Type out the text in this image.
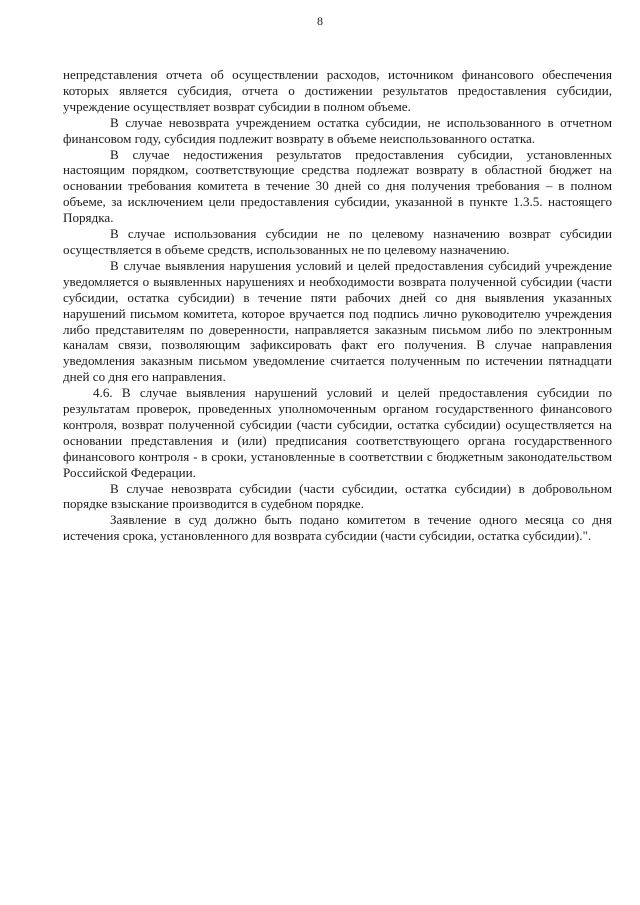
8

непредставления отчета об осуществлении расходов, источником финансового обеспечения которых является субсидия, отчета о достижении результатов предоставления субсидии, учреждение осуществляет возврат субсидии в полном объеме.

В случае невозврата учреждением остатка субсидии, не использованного в отчетном финансовом году, субсидия подлежит возврату в объеме неиспользованного остатка.

В случае недостижения результатов предоставления субсидии, установленных настоящим порядком, соответствующие средства подлежат возврату в областной бюджет на основании требования комитета в течение 30 дней со дня получения требования – в полном объеме, за исключением цели предоставления субсидии, указанной в пункте 1.3.5. настоящего Порядка.

В случае использования субсидии не по целевому назначению возврат субсидии осуществляется в объеме средств, использованных не по целевому назначению.

В случае выявления нарушения условий и целей предоставления субсидий учреждение уведомляется о выявленных нарушениях и необходимости возврата полученной субсидии (части субсидии, остатка субсидии) в течение пяти рабочих дней со дня выявления указанных нарушений письмом комитета, которое вручается под подпись лично руководителю учреждения либо представителям по доверенности, направляется заказным письмом либо по электронным каналам связи, позволяющим зафиксировать факт его получения. В случае направления уведомления заказным письмом уведомление считается полученным по истечении пятнадцати дней со дня его направления.

4.6. В случае выявления нарушений условий и целей предоставления субсидии по результатам проверок, проведенных уполномоченным органом государственного финансового контроля, возврат полученной субсидии (части субсидии, остатка субсидии) осуществляется на основании представления и (или) предписания соответствующего органа государственного финансового контроля - в сроки, установленные в соответствии с бюджетным законодательством Российской Федерации.

В случае невозврата субсидии (части субсидии, остатка субсидии) в добровольном порядке взыскание производится в судебном порядке.

Заявление в суд должно быть подано комитетом в течение одного месяца со дня истечения срока, установленного для возврата субсидии (части субсидии, остатка субсидии).".
